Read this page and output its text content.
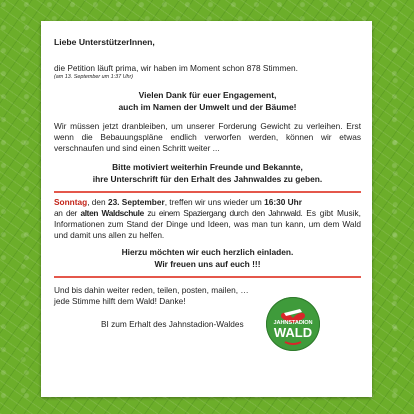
Liebe UnterstützerInnen,

die Petition läuft prima, wir haben im Moment schon 878 Stimmen.

(am 13. September um 1:37 Uhr)

Vielen Dank für euer Engagement,
auch im Namen der Umwelt und der Bäume!

Wir müssen jetzt dranbleiben, um unserer Forderung Gewicht zu verleihen. Erst wenn die Bebauungspläne endlich verworfen werden, können wir etwas verschnaufen und sind einen Schritt weiter ...

Bitte motiviert weiterhin Freunde und Bekannte,
ihre Unterschrift für den Erhalt des Jahnwaldes zu geben.
Sonntag, den 23. September, treffen wir uns wieder um 16:30 Uhr
an der alten Waldschule zu einem Spaziergang durch den Jahnwald. Es gibt Musik, Informationen zum Stand der Dinge und Ideen, was man tun kann, um dem Wald und damit uns allen zu helfen.
Hierzu möchten wir euch herzlich einladen.
Wir freuen uns auf euch !!!

Und bis dahin weiter reden, teilen, posten, mailen, …

jede Stimme hilft dem Wald! Danke!

BI zum Erhalt des Jahnstadion-Waldes	JAHNSTADION
WALD
